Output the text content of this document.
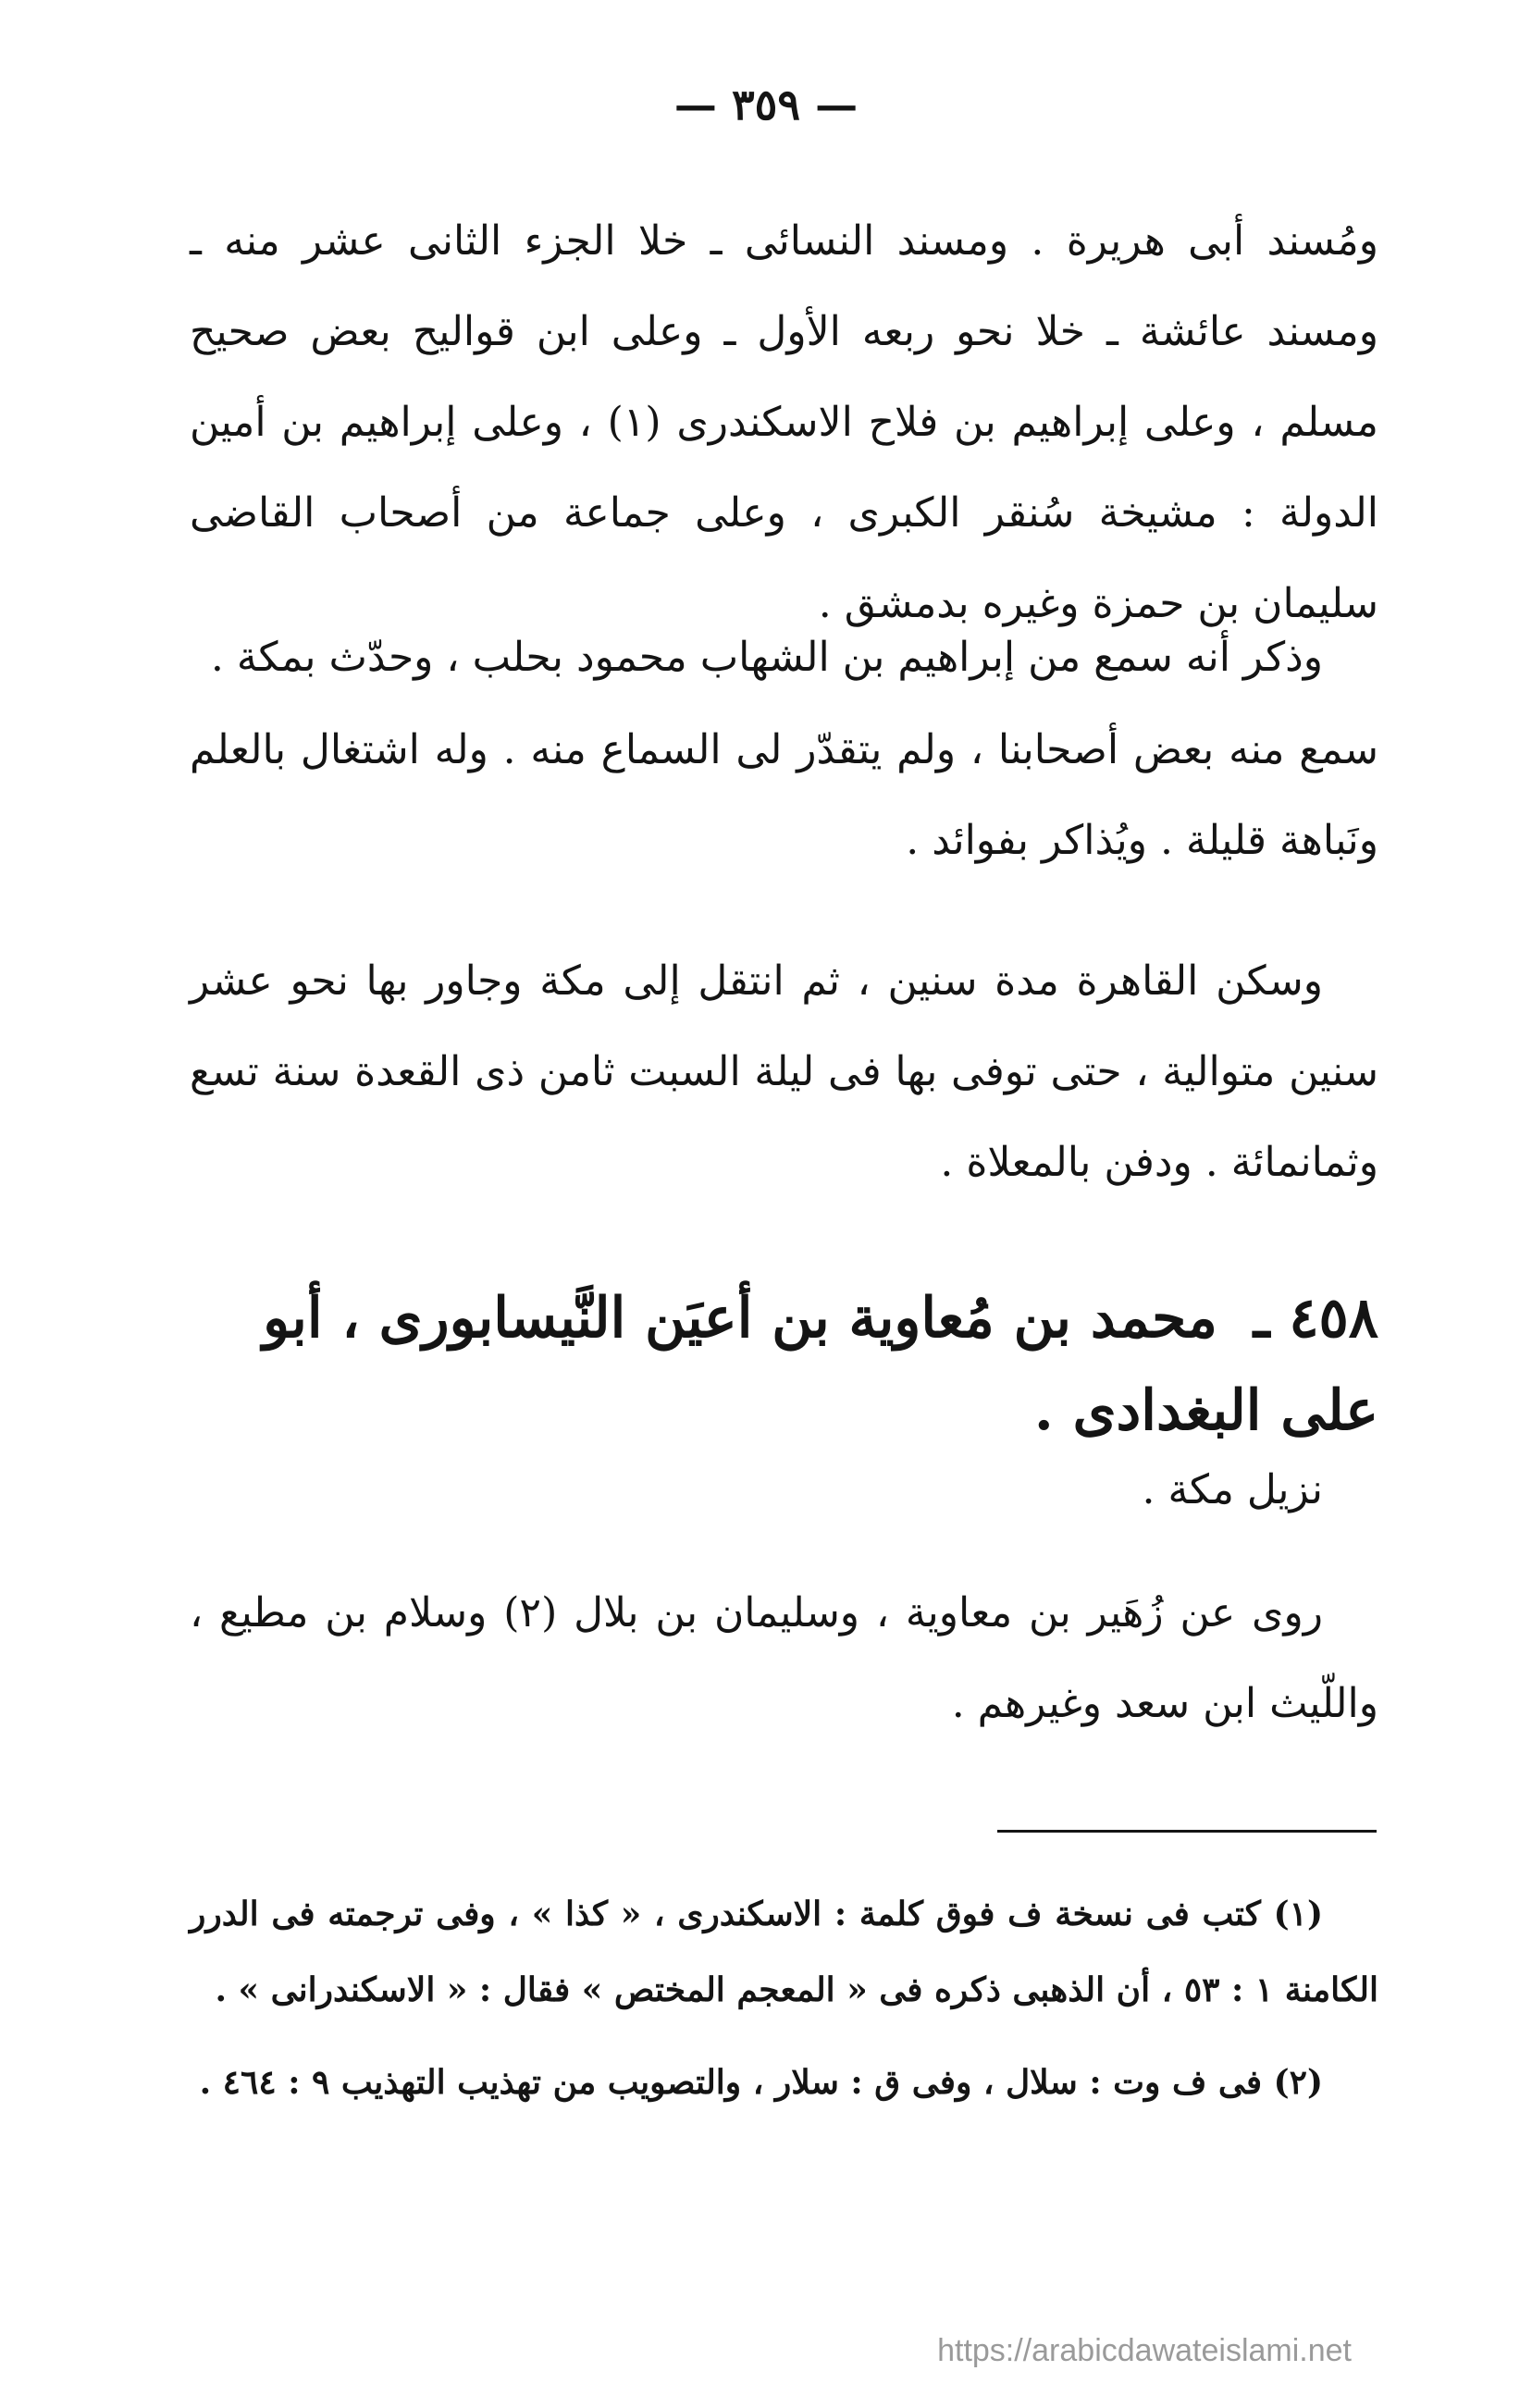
— ٣٥٩ —

ومُسند أبى هريرة . ومسند النسائى ـ خلا الجزء الثانى عشر منه ـ ومسند عائشة ـ خلا نحو ربعه الأول ـ وعلى ابن قواليح بعض صحيح مسلم ، وعلى إبراهيم بن فلاح الاسكندرى (١) ، وعلى إبراهيم بن أمين الدولة : مشيخة سُنقر الكبرى ، وعلى جماعة من أصحاب القاضى سليمان بن حمزة وغيره بدمشق .

وذكر أنه سمع من إبراهيم بن الشهاب محمود بحلب ، وحدّث بمكة .

سمع منه بعض أصحابنا ، ولم يتقدّر لى السماع منه . وله اشتغال بالعلم ونَباهة قليلة . ويُذاكر بفوائد .

وسكن القاهرة مدة سنين ، ثم انتقل إلى مكة وجاور بها نحو عشر سنين متوالية ، حتى توفى بها فى ليلة السبت ثامن ذى القعدة سنة تسع وثمانمائة . ودفن بالمعلاة .

٤٥٨ ـ محمد بن مُعاوية بن أعيَن النَّيسابورى ، أبو على البغدادى .

نزيل مكة .

روى عن زُهَير بن معاوية ، وسليمان بن بلال (٢) وسلام بن مطيع ، واللّيث ابن سعد وغيرهم .

(١) كتب فى نسخة ف فوق كلمة : الاسكندرى ، « كذا » ، وفى ترجمته فى الدرر الكامنة ١ : ٥٣ ، أن الذهبى ذكره فى « المعجم المختص » فقال : « الاسكندرانى » .

(٢) فى ف وت : سلال ، وفى ق : سلار ، والتصويب من تهذيب التهذيب ٩ : ٤٦٤ .

https://arabicdawateislami.net
